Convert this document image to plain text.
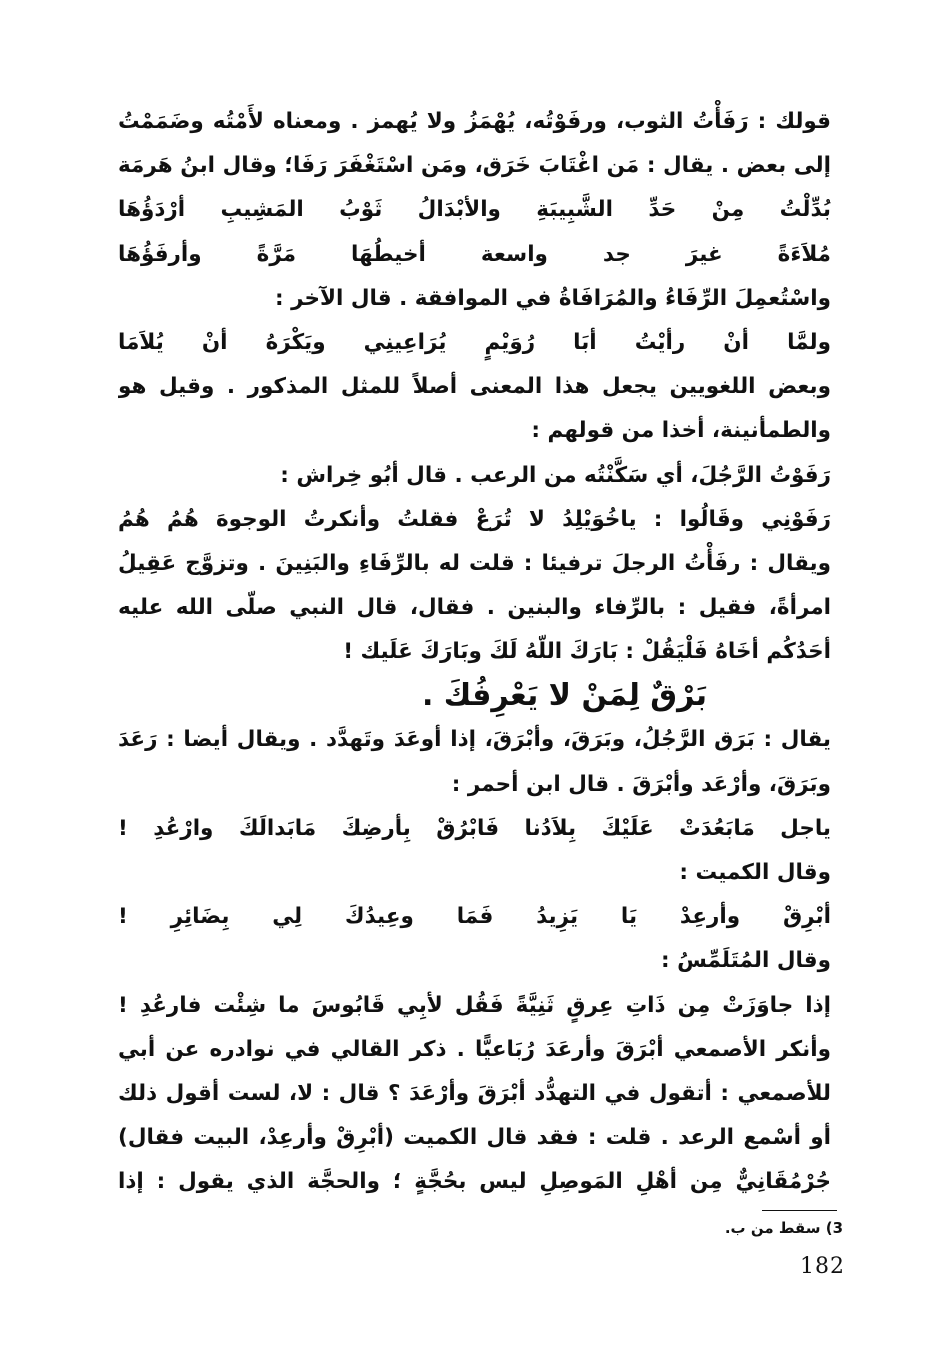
قولك : رَفَأْتُ الثوب، ورفَوْتُه، يُهْمَزُ ولا يُهمز . ومعناه لأَمْتُه وضَمَمْتُ
إلى بعض . يقال : مَن اغْتَابَ خَرَق، ومَن اسْتَغْفَرَ رَفَا؛ وقال ابنُ هَرمَة
بُدِّلْتُ مِنْ حَدِّ الشَّبِيبَةِ والأبْدَالُ ثَوْبُ المَشِيبِ أرْدَؤُهَا
مُلاَءَةً غيرَ جد واسعة أخيطُهَا مَرَّةً وأرفَؤُهَا
واسْتُعمِلَ الرِّفَاءُ والمُرَافَاةُ في الموافقة . قال الآخر :
ولمَّا أنْ رأيْتُ أبَا رُوَيْمٍ يُرَاعِينِي ويَكْرَهُ أنْ يُلاَمَا
وبعض اللغويين يجعل هذا المعنى أصلاً للمثل المذكور . وقيل هو
والطمأنينة، أخذا من قولهم :
رَفَوْتُ الرَّجُلَ، أي سَكَّنْتُه من الرعب . قال أبُو خِراش :
رَفَوْنِي وقَالُوا : ياخُوَيْلِدُ لا تُرَعْ فقلتُ وأنكرتُ الوجوهَ هُمُ هُمُ
ويقال : رفَأْتُ الرجلَ ترفيئا : قلت له بالرِّفَاءِ والبَنِينَ . وتزوَّج عَقِيلُ
امرأةً، فقيل : بالرِّفاء والبنين . فقال، قال النبي صلّى الله عليه
أحَدُكُم أخَاهُ فَلْيَقُلْ : بَارَكَ اللّهُ لَكَ وبَارَكَ عَلَيك !
بَرْقٌ لِمَنْ لا يَعْرِفُكَ .
يقال : بَرَق الرَّجُلُ، وبَرَقَ، وأبْرَقَ، إذا أوعَدَ وتَهدَّد . ويقال أيضا : رَعَدَ
وبَرَقَ، وأرْعَد وأبْرَقَ . قال ابن أحمر :
ياجل مَابَعُدَتْ عَلَيْكَ بِلاَدُنا فَابْرُقْ بِأرضِكَ مَابَدالَكَ وارْعُدِ !
وقال الكميت :
أبْرِقْ وأرعِدْ يَا يَزِيدُ فَمَا وعِيدُكَ لِي بِضَائِرِ !
وقال المُتَلَمِّسُ :
إذا جاوَزَتْ مِن ذَاتِ عِرقٍ ثَنِيَّةً فَقُل لأبِي قَابُوسَ ما شِئْت فارعُدِ !
وأنكر الأصمعي أبْرَقَ وأرعَدَ رُبَاعيًّا . ذكر القالي في نوادره عن أبي
للأصمعي : أتقول في التهدُّد أبْرَقَ وأرْعَدَ ؟ قال : لا، لست أقول ذلك
أو أسْمع الرعد . قلت : فقد قال الكميت (أبْرِقْ وأرعِدْ، البيت فقال)
جُرْمُقَانِيٌّ مِن أهْلِ المَوصِلِ ليس بحُجَّةٍ ؛ والحجَّة الذي يقول : إذا
3) سقط من ب.
182
